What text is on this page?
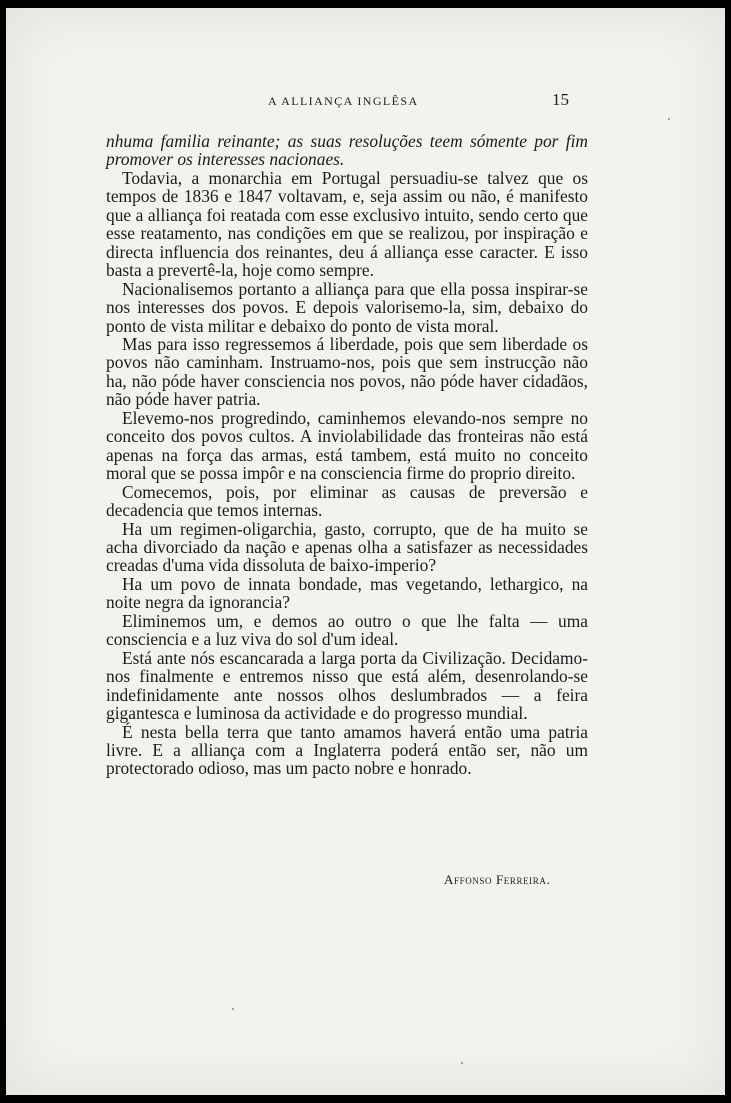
A ALLIANÇA INGLÊSA	15

nhuma familia reinante; as suas resoluções teem sómente por fim promover os interesses nacionaes.

Todavia, a monarchia em Portugal persuadiu-se talvez que os tempos de 1836 e 1847 voltavam, e, seja assim ou não, é manifesto que a alliança foi reatada com esse exclusivo intuito, sendo certo que esse reatamento, nas condições em que se realizou, por inspiração e directa influencia dos reinantes, deu á alliança esse caracter. E isso basta a prevertê-la, hoje como sempre.

Nacionalisemos portanto a alliança para que ella possa inspirar-se nos interesses dos povos. E depois valorisemo-la, sim, debaixo do ponto de vista militar e debaixo do ponto de vista moral.

Mas para isso regressemos á liberdade, pois que sem liberdade os povos não caminham. Instruamo-nos, pois que sem instrucção não ha, não póde haver consciencia nos povos, não póde haver cidadãos, não póde haver patria.

Elevemo-nos progredindo, caminhemos elevando-nos sempre no conceito dos povos cultos. A inviolabilidade das fronteiras não está apenas na força das armas, está tambem, está muito no conceito moral que se possa impôr e na consciencia firme do proprio direito.

Comecemos, pois, por eliminar as causas de preversão e decadencia que temos internas.

Ha um regimen-oligarchia, gasto, corrupto, que de ha muito se acha divorciado da nação e apenas olha a satisfazer as necessidades creadas d'uma vida dissoluta de baixo-imperio?

Ha um povo de innata bondade, mas vegetando, lethargico, na noite negra da ignorancia?

Eliminemos um, e demos ao outro o que lhe falta — uma consciencia e a luz viva do sol d'um ideal.

Está ante nós escancarada a larga porta da Civilização. Decidamo-nos finalmente e entremos nisso que está além, desenrolando-se indefinidamente ante nossos olhos deslumbrados — a feira gigantesca e luminosa da actividade e do progresso mundial.

É nesta bella terra que tanto amamos haverá então uma patria livre. E a alliança com a Inglaterra poderá então ser, não um protectorado odioso, mas um pacto nobre e honrado.

Affonso Ferreira.
